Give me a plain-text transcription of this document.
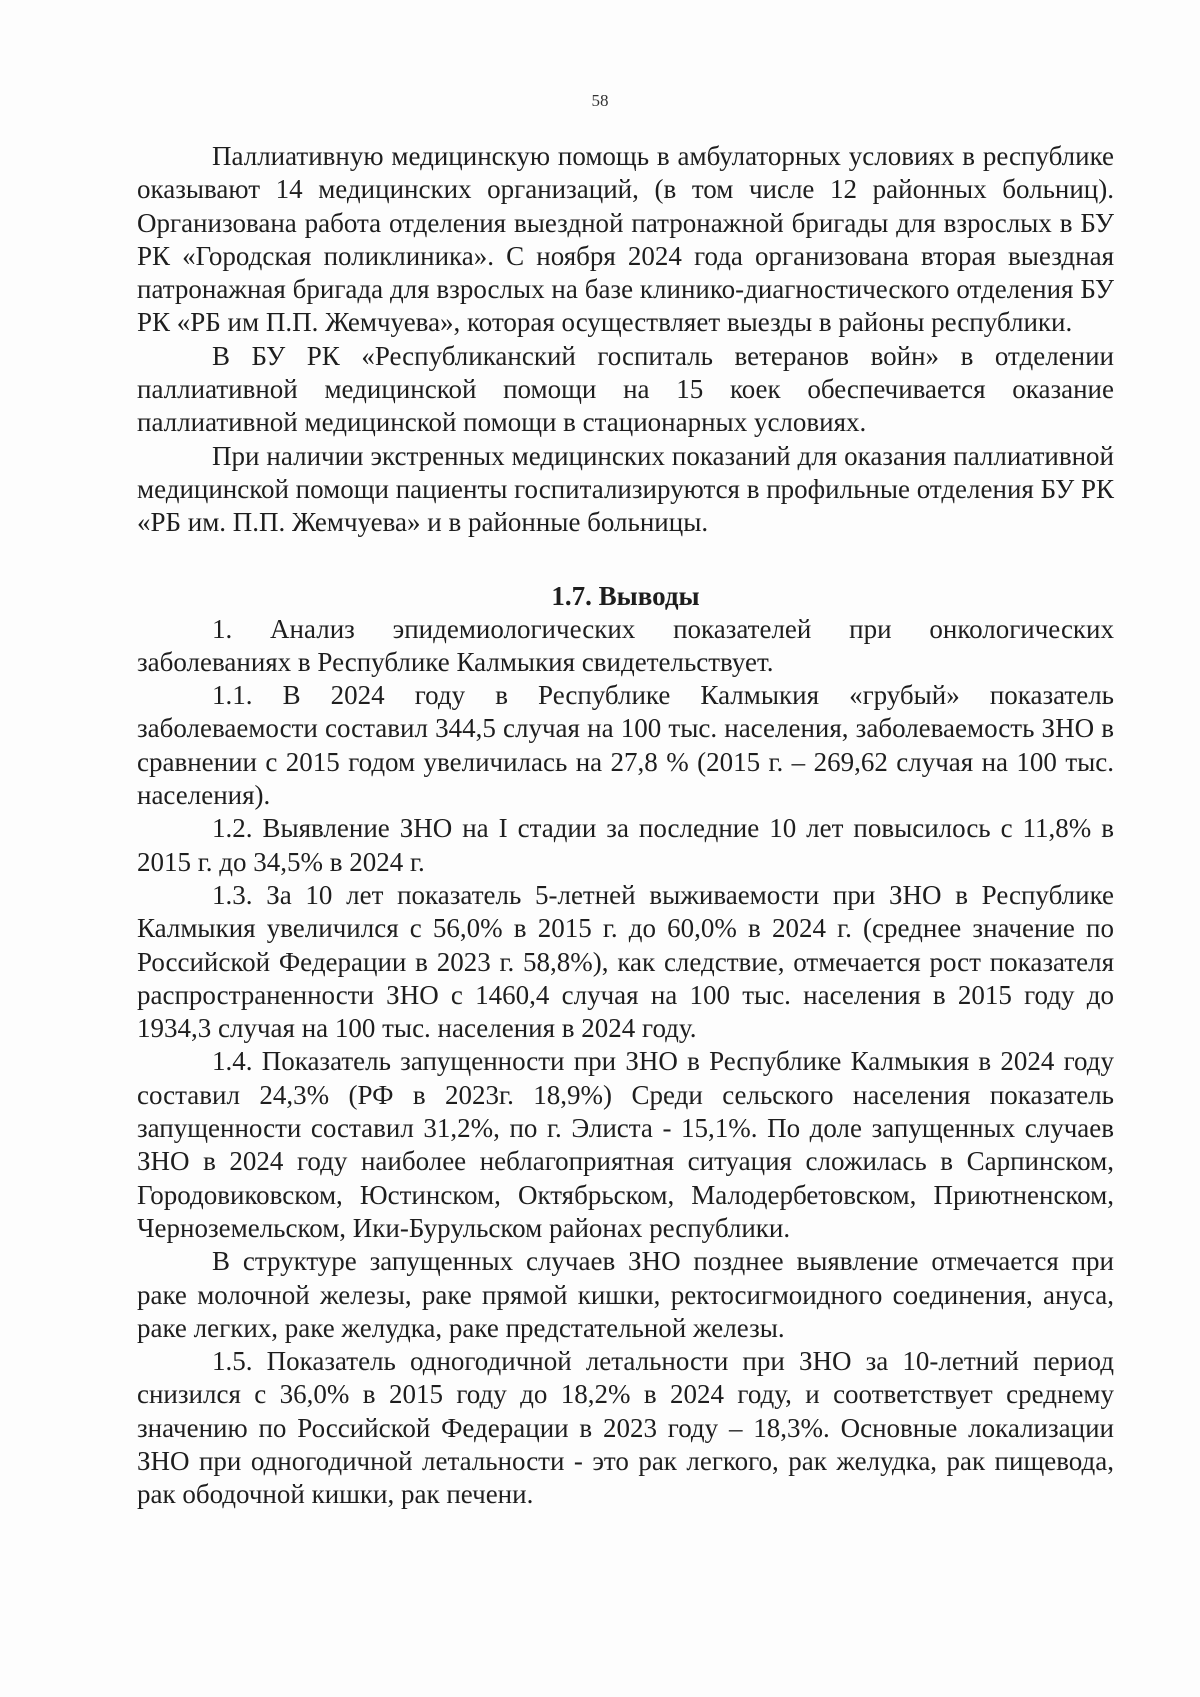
58

Паллиативную медицинскую помощь в амбулаторных условиях в республике оказывают 14 медицинских организаций, (в том числе 12 районных больниц). Организована работа отделения выездной патронажной бригады для взрослых в БУ РК «Городская поликлиника». С ноября 2024 года организована вторая выездная патронажная бригада для взрослых на базе клинико-диагностического отделения БУ РК «РБ им П.П. Жемчуева», которая осуществляет выезды в районы республики.

В БУ РК «Республиканский госпиталь ветеранов войн» в отделении паллиативной медицинской помощи на 15 коек обеспечивается оказание паллиативной медицинской помощи в стационарных условиях.

При наличии экстренных медицинских показаний для оказания паллиативной медицинской помощи пациенты госпитализируются в профильные отделения БУ РК «РБ им. П.П. Жемчуева» и в районные больницы.

1.7. Выводы

1. Анализ эпидемиологических показателей при онкологических заболеваниях в Республике Калмыкия свидетельствует.

1.1. В 2024 году в Республике Калмыкия «грубый» показатель заболеваемости составил 344,5 случая на 100 тыс. населения, заболеваемость ЗНО в сравнении с 2015 годом увеличилась на 27,8 % (2015 г. – 269,62 случая на 100 тыс. населения).

1.2. Выявление ЗНО на I стадии за последние 10 лет повысилось с 11,8% в 2015 г. до 34,5% в 2024 г.

1.3. За 10 лет показатель 5-летней выживаемости при ЗНО в Республике Калмыкия увеличился с 56,0% в 2015 г. до 60,0% в 2024 г. (среднее значение по Российской Федерации в 2023 г. 58,8%), как следствие, отмечается рост показателя распространенности ЗНО с 1460,4 случая на 100 тыс. населения в 2015 году до 1934,3 случая на 100 тыс. населения в 2024 году.

1.4. Показатель запущенности при ЗНО в Республике Калмыкия в 2024 году составил 24,3% (РФ в 2023г. 18,9%) Среди сельского населения показатель запущенности составил 31,2%, по г. Элиста - 15,1%. По доле запущенных случаев ЗНО в 2024 году наиболее неблагоприятная ситуация сложилась в Сарпинском, Городовиковском, Юстинском, Октябрьском, Малодербетовском, Приютненском, Черноземельском, Ики-Бурульском районах республики.

В структуре запущенных случаев ЗНО позднее выявление отмечается при раке молочной железы, раке прямой кишки, ректосигмоидного соединения, ануса, раке легких, раке желудка, раке предстательной железы.

1.5. Показатель одногодичной летальности при ЗНО за 10-летний период снизился с 36,0% в 2015 году до 18,2% в 2024 году, и соответствует среднему значению по Российской Федерации в 2023 году – 18,3%. Основные локализации ЗНО при одногодичной летальности - это рак легкого, рак желудка, рак пищевода, рак ободочной кишки, рак печени.
